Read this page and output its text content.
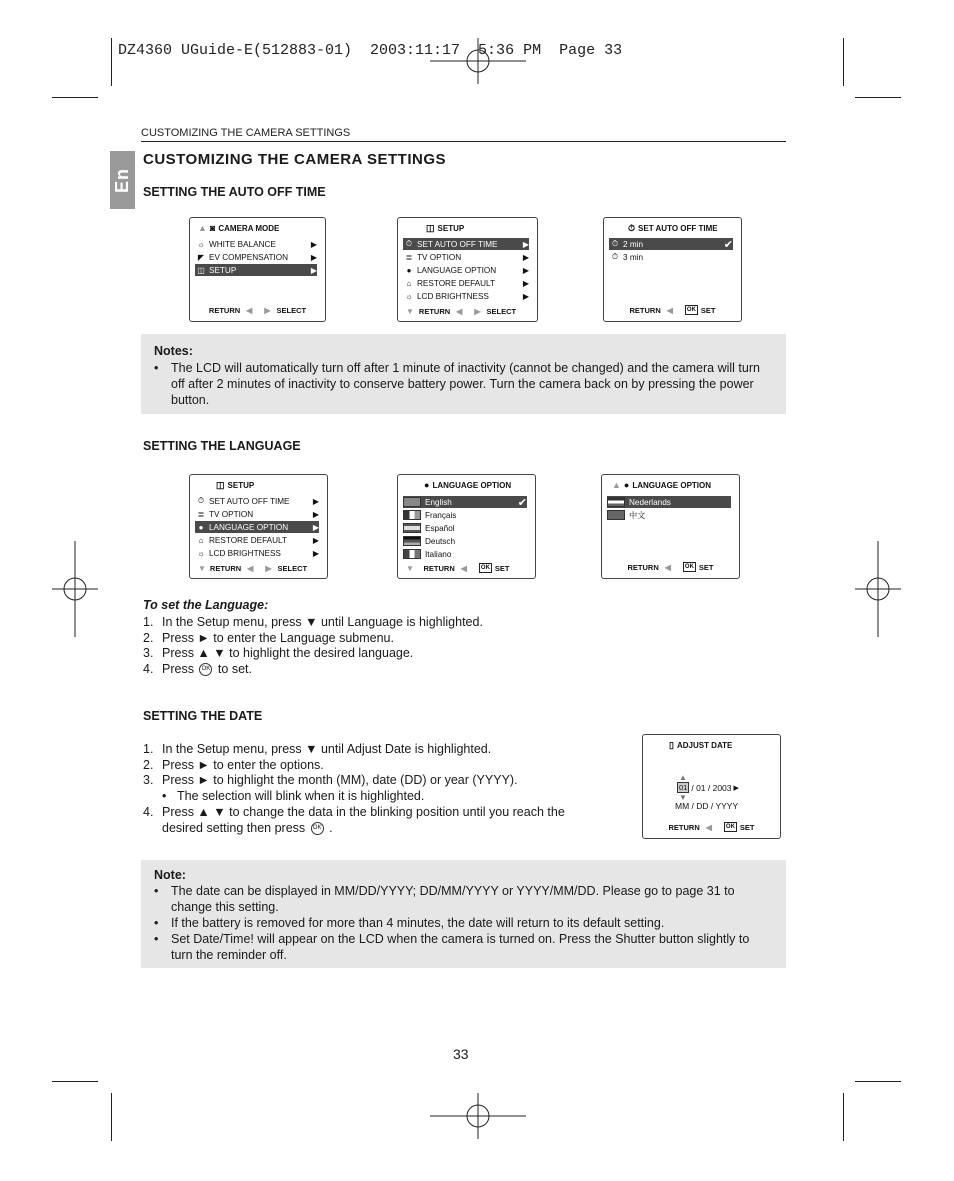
DZ4360 UGuide-E(512883-01)  2003:11:17  5:36 PM  Page 33
CUSTOMIZING THE CAMERA SETTINGS
En
CUSTOMIZING THE CAMERA SETTINGS
SETTING THE AUTO OFF TIME
▲ ◙ CAMERA MODE
☼ WHITE BALANCE	▶
◤ EV COMPENSATION	▶
◫ SETUP	▶
RETURN ◀ ▶ SELECT
◫ SETUP
⏱ SET AUTO OFF TIME	▶
≣ TV OPTION	▶
● LANGUAGE OPTION	▶
⌂ RESTORE DEFAULT	▶
☼ LCD BRIGHTNESS	▶
▼ RETURN ◀ ▶ SELECT
⏱ SET AUTO OFF TIME
⏱ 2 min	✔
⏱ 3 min
RETURN ◀	OK SET
Notes:
• The LCD will automatically turn off after 1 minute of inactivity (cannot be changed) and the camera will turn off after 2 minutes of inactivity to conserve battery power. Turn the camera back on by pressing the power button.
SETTING THE LANGUAGE
◫ SETUP
⏱ SET AUTO OFF TIME	▶
≣ TV OPTION	▶
● LANGUAGE OPTION	▶
⌂ RESTORE DEFAULT	▶
☼ LCD BRIGHTNESS	▶
▼ RETURN ◀ ▶ SELECT
● LANGUAGE OPTION
English	✔
Français
Español
Deutsch
Italiano
▼ RETURN ◀	OK SET
▲ ● LANGUAGE OPTION
Nederlands
中文
RETURN ◀	OK SET
To set the Language:
1. In the Setup menu, press ▼ until Language is highlighted.
2. Press ► to enter the Language submenu.
3. Press ▲ ▼ to highlight the desired language.
4. Press OK to set.
SETTING THE DATE
1. In the Setup menu, press ▼ until Adjust Date is highlighted.
2. Press ► to enter the options.
3. Press ► to highlight the month (MM), date (DD) or year (YYYY).
• The selection will blink when it is highlighted.
4. Press ▲ ▼ to change the data in the blinking position until you reach the
desired setting then press OK .
▯ ADJUST DATE
▲
01 / 01 / 2003 ▶
▼
MM / DD / YYYY
RETURN ◀	OK SET
Note:
• The date can be displayed in MM/DD/YYYY; DD/MM/YYYY or YYYY/MM/DD. Please go to page 31 to change this setting.
• If the battery is removed for more than 4 minutes, the date will return to its default setting.
• Set Date/Time! will appear on the LCD when the camera is turned on. Press the Shutter button slightly to turn the reminder off.
33
